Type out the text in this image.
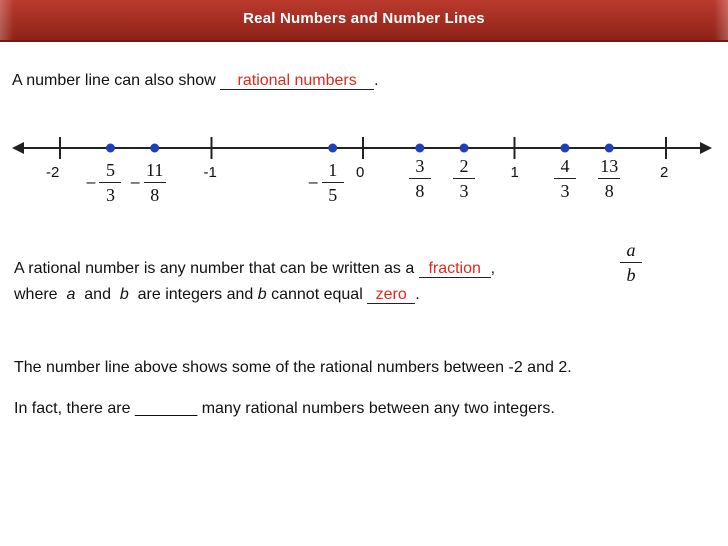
Real Numbers and Number Lines
A number line can also show rational numbers .
-2	-1	0	1	2
5
3
–
11
8
–
1
5
–
3
8
2
3
4
3
13
8
A rational number is any number that can be written as a fraction ,
a
b
where a and b are integers and b cannot equal zero .
The number line above shows some of the rational numbers between -2 and 2.
In fact, there are _______ many rational numbers between any two integers.
